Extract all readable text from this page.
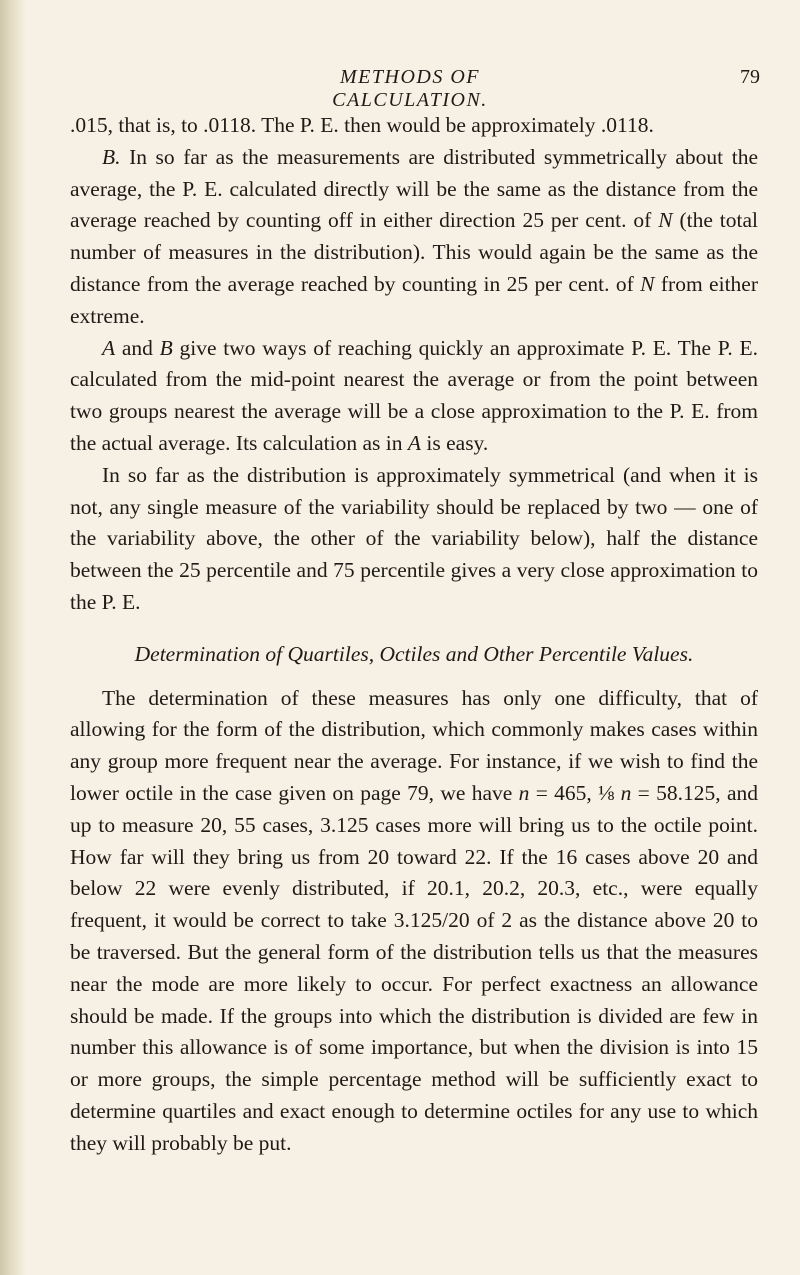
METHODS OF CALCULATION.
79

.015, that is, to .0118. The P. E. then would be approximately .0118.

B. In so far as the measurements are distributed symmetrically about the average, the P. E. calculated directly will be the same as the distance from the average reached by counting off in either direction 25 per cent. of N (the total number of measures in the distribution). This would again be the same as the distance from the average reached by counting in 25 per cent. of N from either extreme.

A and B give two ways of reaching quickly an approximate P. E. The P. E. calculated from the mid-point nearest the average or from the point between two groups nearest the average will be a close approximation to the P. E. from the actual average. Its calculation as in A is easy.

In so far as the distribution is approximately symmetrical (and when it is not, any single measure of the variability should be replaced by two — one of the variability above, the other of the variability below), half the distance between the 25 percentile and 75 percentile gives a very close approximation to the P. E.

Determination of Quartiles, Octiles and Other Percentile Values.

The determination of these measures has only one difficulty, that of allowing for the form of the distribution, which commonly makes cases within any group more frequent near the average. For instance, if we wish to find the lower octile in the case given on page 79, we have n = 465, ⅛ n = 58.125, and up to measure 20, 55 cases, 3.125 cases more will bring us to the octile point. How far will they bring us from 20 toward 22. If the 16 cases above 20 and below 22 were evenly distributed, if 20.1, 20.2, 20.3, etc., were equally frequent, it would be correct to take 3.125/20 of 2 as the distance above 20 to be traversed. But the general form of the distribution tells us that the measures near the mode are more likely to occur. For perfect exactness an allowance should be made. If the groups into which the distribution is divided are few in number this allowance is of some importance, but when the division is into 15 or more groups, the simple percentage method will be sufficiently exact to determine quartiles and exact enough to determine octiles for any use to which they will probably be put.
